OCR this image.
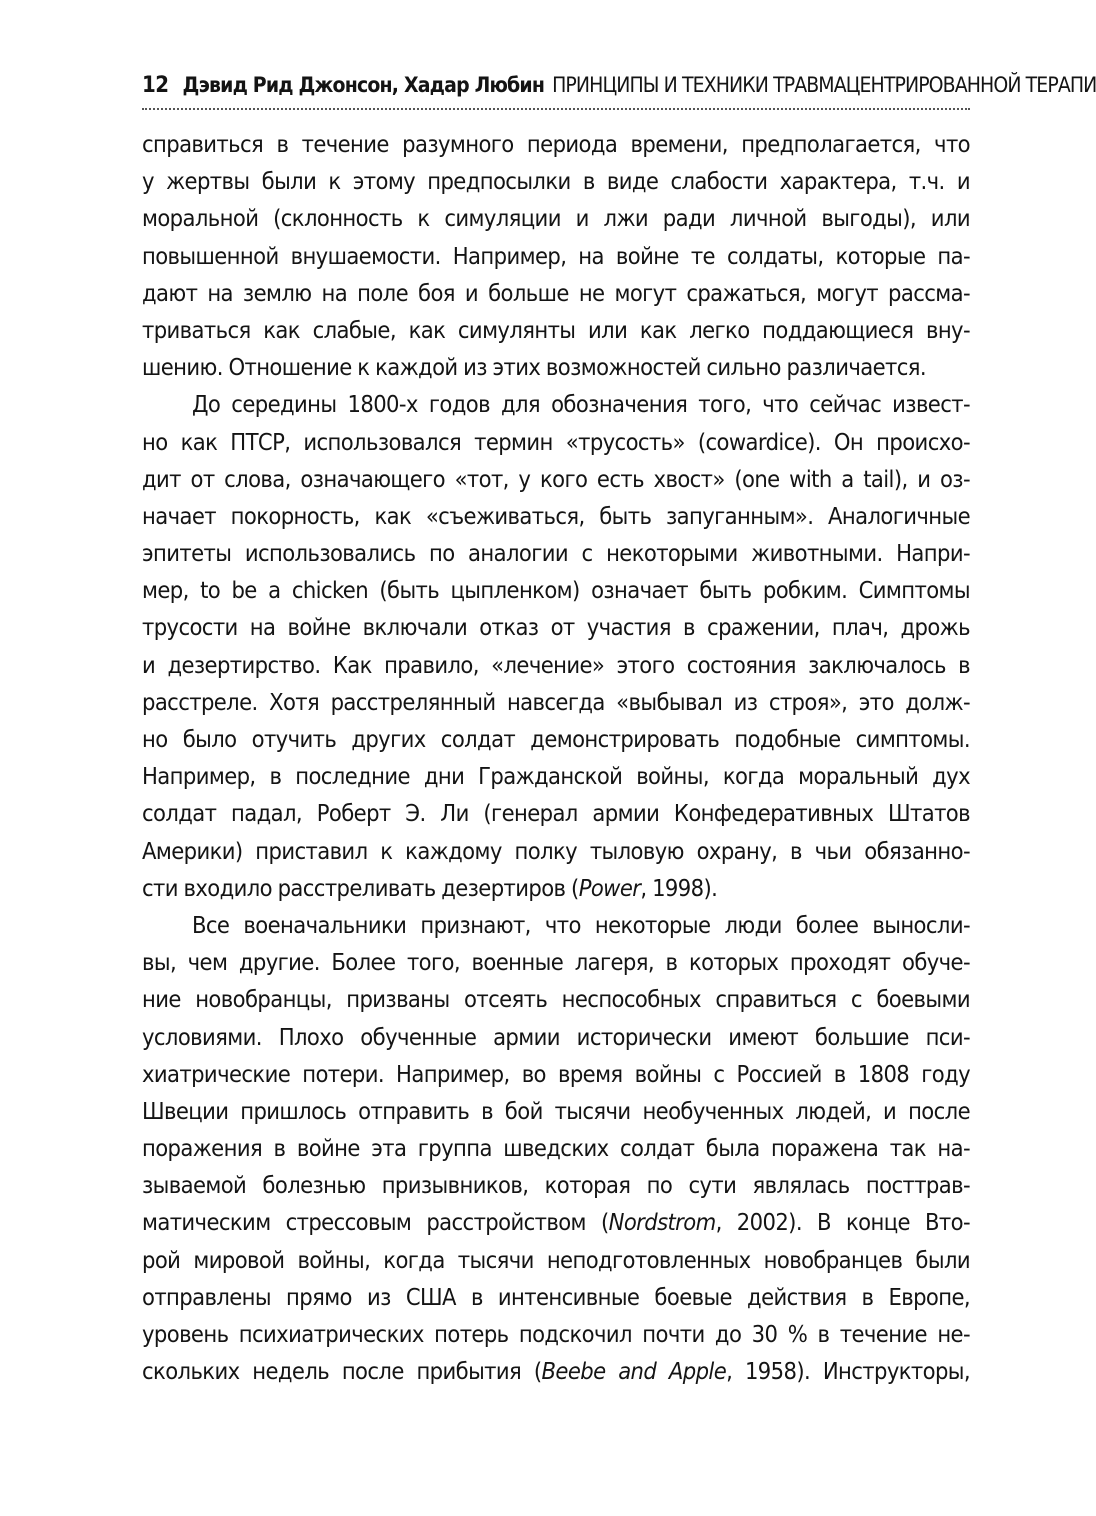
12 Дэвид Рид Джонсон, Хадар Любин ПРИНЦИПЫ И ТЕХНИКИ ТРАВМАЦЕНТРИРОВАННОЙ ТЕРАПИ
справиться в течение разумного периода времени, предполагается, что
у жертвы были к этому предпосылки в виде слабости характера, т.ч. и
моральной (склонность к симуляции и лжи ради личной выгоды), или
повышенной внушаемости. Например, на войне те солдаты, которые па-
дают на землю на поле боя и больше не могут сражаться, могут рассма-
триваться как слабые, как симулянты или как легко поддающиеся вну-
шению. Отношение к каждой из этих возможностей сильно различается.
До середины 1800-х годов для обозначения того, что сейчас извест-
но как ПТСР, использовался термин «трусость» (cowardice). Он происхо-
дит от слова, означающего «тот, у кого есть хвост» (one with a tail), и оз-
начает покорность, как «съеживаться, быть запуганным». Аналогичные
эпитеты использовались по аналогии с некоторыми животными. Напри-
мер, to be a chicken (быть цыпленком) означает быть робким. Симптомы
трусости на войне включали отказ от участия в сражении, плач, дрожь
и дезертирство. Как правило, «лечение» этого состояния заключалось в
расстреле. Хотя расстрелянный навсегда «выбывал из строя», это долж-
но было отучить других солдат демонстрировать подобные симптомы.
Например, в последние дни Гражданской войны, когда моральный дух
солдат падал, Роберт Э. Ли (генерал армии Конфедеративных Штатов
Америки) приставил к каждому полку тыловую охрану, в чьи обязанно-
сти входило расстреливать дезертиров (Power, 1998).
Все военачальники признают, что некоторые люди более выносли-
вы, чем другие. Более того, военные лагеря, в которых проходят обуче-
ние новобранцы, призваны отсеять неспособных справиться с боевыми
условиями. Плохо обученные армии исторически имеют большие пси-
хиатрические потери. Например, во время войны с Россией в 1808 году
Швеции пришлось отправить в бой тысячи необученных людей, и после
поражения в войне эта группа шведских солдат была поражена так на-
зываемой болезнью призывников, которая по сути являлась посттрав-
матическим стрессовым расстройством (Nordstrom, 2002). В конце Вто-
рой мировой войны, когда тысячи неподготовленных новобранцев были
отправлены прямо из США в интенсивные боевые действия в Европе,
уровень психиатрических потерь подскочил почти до 30 % в течение не-
скольких недель после прибытия (Beebe and Apple, 1958). Инструкторы,
